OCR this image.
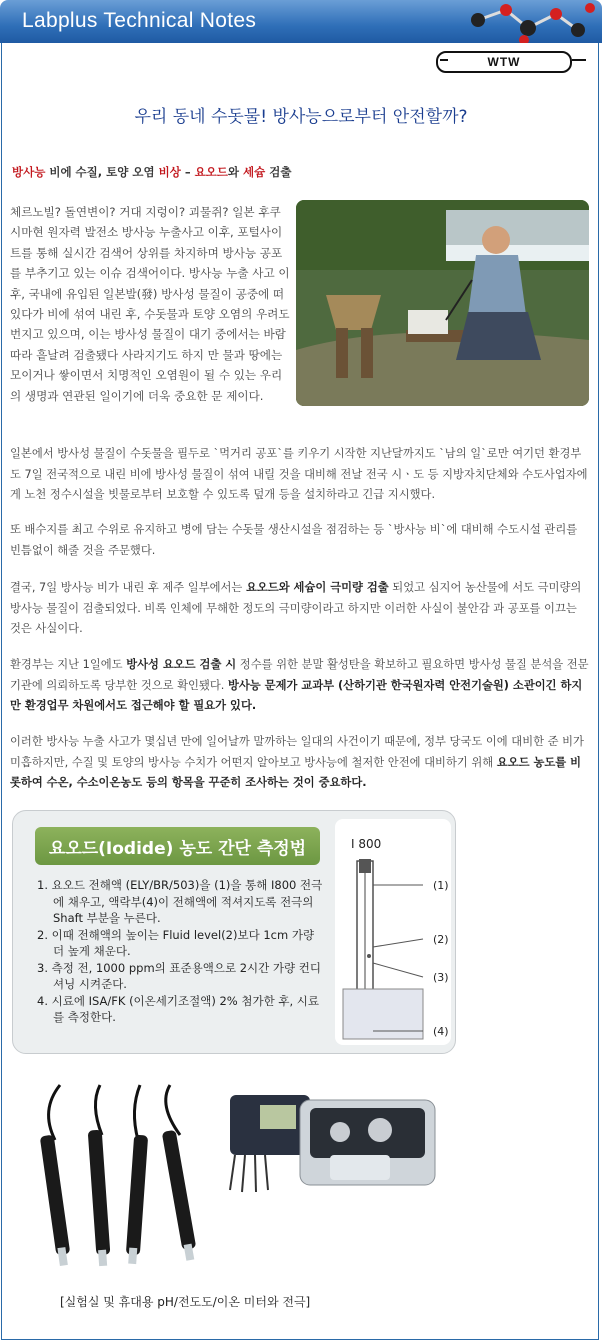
Labplus Technical Notes
WTW
우리 동네 수돗물! 방사능으로부터 안전할까?
방사능 비에 수질, 토양 오염 비상 – 요오드와 세슘 검출

체르노빌? 돌연변이? 거대 지렁이? 괴물쥐? 일본 후쿠시마현 원자력 발전소 방사능 누출사고 이후, 포털사이트를 통해 실시간 검색어 상위를 차지하며 방사능 공포를 부추기고 있는 이슈 검색어이다. 방사능 누출 사고 이후, 국내에 유입된 일본발(發) 방사성 물질이 공중에 떠 있다가 비에 섞여 내린 후, 수돗물과 토양 오염의 우려도 번지고 있으며, 이는 방사성 물질이 대기 중에서는 바람 따라 흩날려 검출됐다 사라지기도 하지 만 물과 땅에는 모이거나 쌓이면서 치명적인 오염원이 될 수 있는 우리의 생명과 연관된 일이기에 더욱 중요한 문 제이다.

일본에서 방사성 물질이 수돗물을 필두로 `먹거리 공포`를 키우기 시작한 지난달까지도 `남의 일`로만 여기던 환경부도 7일 전국적으로 내린 비에 방사성 물질이 섞여 내릴 것을 대비해 전날 전국 시ㆍ도 등 지방자치단체와 수도사업자에게 노천 정수시설을 빗물로부터 보호할 수 있도록 덮개 등을 설치하라고 긴급 지시했다.

또 배수지를 최고 수위로 유지하고 병에 담는 수돗물 생산시설을 점검하는 등 `방사능 비`에 대비해 수도시설 관리를 빈틈없이 해줄 것을 주문했다.

결국, 7일 방사능 비가 내린 후 제주 일부에서는 요오드와 세슘이 극미량 검출 되었고 심지어 농산물에 서도 극미량의 방사능 물질이 검출되었다. 비록 인체에 무해한 정도의 극미량이라고 하지만 이러한 사실이 불안감 과 공포를 이끄는 것은 사실이다.

환경부는 지난 1일에도 방사성 요오드 검출 시 정수를 위한 분말 활성탄을 확보하고 필요하면 방사성 물질 분석을 전문기관에 의뢰하도록 당부한 것으로 확인됐다. 방사능 문제가 교과부 (산하기관 한국원자력 안전기술원) 소관이긴 하지만 환경업무 차원에서도 접근해야 할 필요가 있다.

이러한 방사능 누출 사고가 몇십년 만에 일어날까 말까하는 일대의 사건이기 때문에, 정부 당국도 이에 대비한 준 비가 미흡하지만, 수질 및 토양의 방사능 수치가 어떤지 알아보고 방사능에 철저한 안전에 대비하기 위해 요오드 농도를 비롯하여 수온, 수소이온농도 등의 항목을 꾸준히 조사하는 것이 중요하다.

요오드(Iodide) 농도 간단 측정법
1. 요오드 전해액 (ELY/BR/503)을 (1)을 통해 I800 전극에 채우고, 액락부(4)이 전해액에 적셔지도록 전극의 Shaft 부분을 누른다.
2. 이때 전해액의 높이는 Fluid level(2)보다 1cm 가량 더 높게 채운다.
3. 측정 전, 1000 ppm의 표준용액으로 2시간 가량 컨디셔닝 시켜준다.
4. 시료에 ISA/FK (이온세기조절액) 2% 첨가한 후, 시료를 측정한다.
I 800
(1)
(2)
(3)
(4)
[실험실 및 휴대용 pH/전도도/이온 미터와 전극]
